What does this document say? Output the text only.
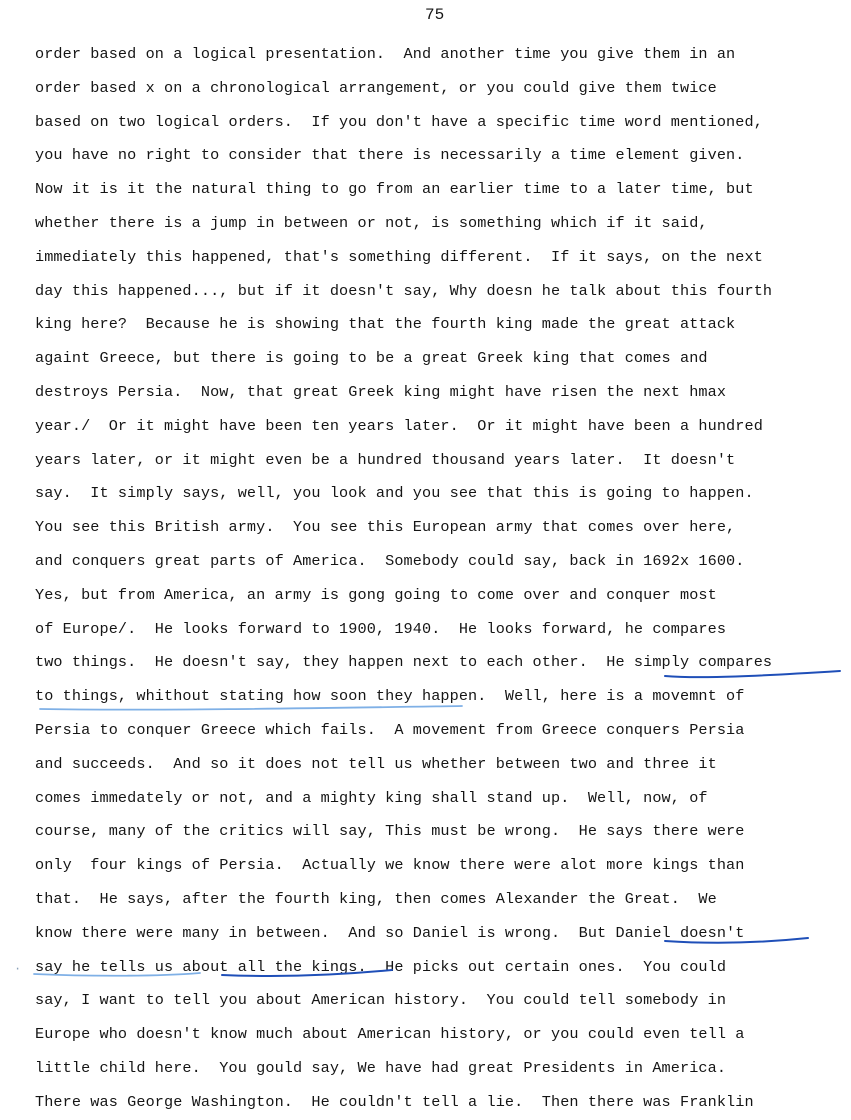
75
order based on a logical presentation.  And another time you give them in an
order based x on a chronological arrangement, or you could give them twice
based on two logical orders.  If you don't have a specific time word mentioned,
you have no right to consider that there is necessarily a time element given.
Now it is it the natural thing to go from an earlier time to a later time, but
whether there is a jump in between or not, is something which if it said,
immediately this happened, that's something different.  If it says, on the next
day this happened..., but if it doesn't say, Why doesn he talk about this fourth
king here?  Because he is showing that the fourth king made the great attack
againt Greece, but there is going to be a great Greek king that comes and
destroys Persia.  Now, that great Greek king might have risen the next hmax
year./  Or it might have been ten years later.  Or it might have been a hundred
years later, or it might even be a hundred thousand years later.  It doesn't
say.  It simply says, well, you look and you see that this is going to happen.
You see this British army.  You see this European army that comes over here,
and conquers great parts of America.  Somebody could say, back in 1692x 1600.
Yes, but from America, an army is gong going to come over and conquer most
of Europe/.  He looks forward to 1900, 1940.  He looks forward, he compares
two things.  He doesn't say, they happen next to each other.  He simply compares
to things, whithout stating how soon they happen.  Well, here is a movemnt of
Persia to conquer Greece which fails.  A movement from Greece conquers Persia
and succeeds.  And so it does not tell us whether between two and three it
comes immedately or not, and a mighty king shall stand up.  Well, now, of
course, many of the critics will say, This must be wrong.  He says there were
only  four kings of Persia.  Actually we know there were alot more kings than
that.  He says, after the fourth king, then comes Alexander the Great.  We
know there were many in between.  And so Daniel is wrong.  But Daniel doesn't
say he tells us about all the kings.  He picks out certain ones.  You could
say, I want to tell you about American history.  You could tell somebody in
Europe who doesn't know much about American history, or you could even tell a
little child here.  You gould say, We have had great Presidents in America.
There was George Washington.  He couldn't tell a lie.  Then there was Franklin
·
